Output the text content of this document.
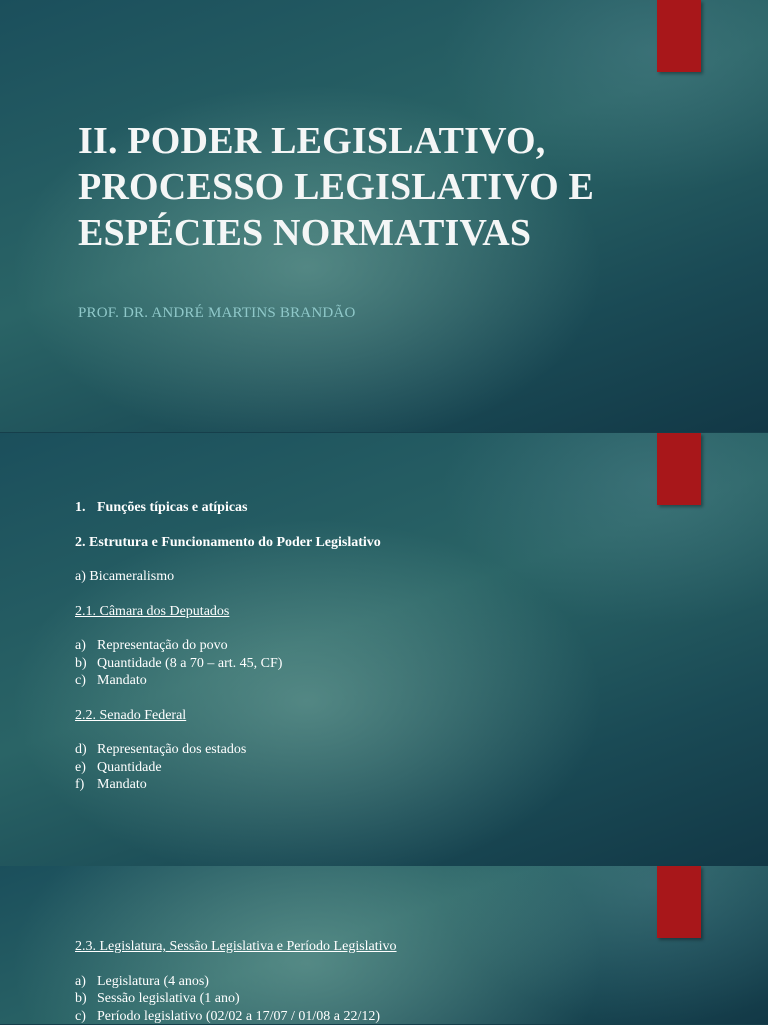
II. PODER LEGISLATIVO,
PROCESSO LEGISLATIVO E
ESPÉCIES NORMATIVAS
PROF. DR. ANDRÉ MARTINS BRANDÃO
1. Funções típicas e atípicas
2. Estrutura e Funcionamento do Poder Legislativo
a) Bicameralismo
2.1. Câmara dos Deputados
a) Representação do povo
b) Quantidade (8 a 70 – art. 45, CF)
c) Mandato
2.2. Senado Federal
d) Representação dos estados
e) Quantidade
f) Mandato
2.3. Legislatura, Sessão Legislativa e Período Legislativo
a) Legislatura (4 anos)
b) Sessão legislativa (1 ano)
c) Período legislativo (02/02 a 17/07 / 01/08 a 22/12)
